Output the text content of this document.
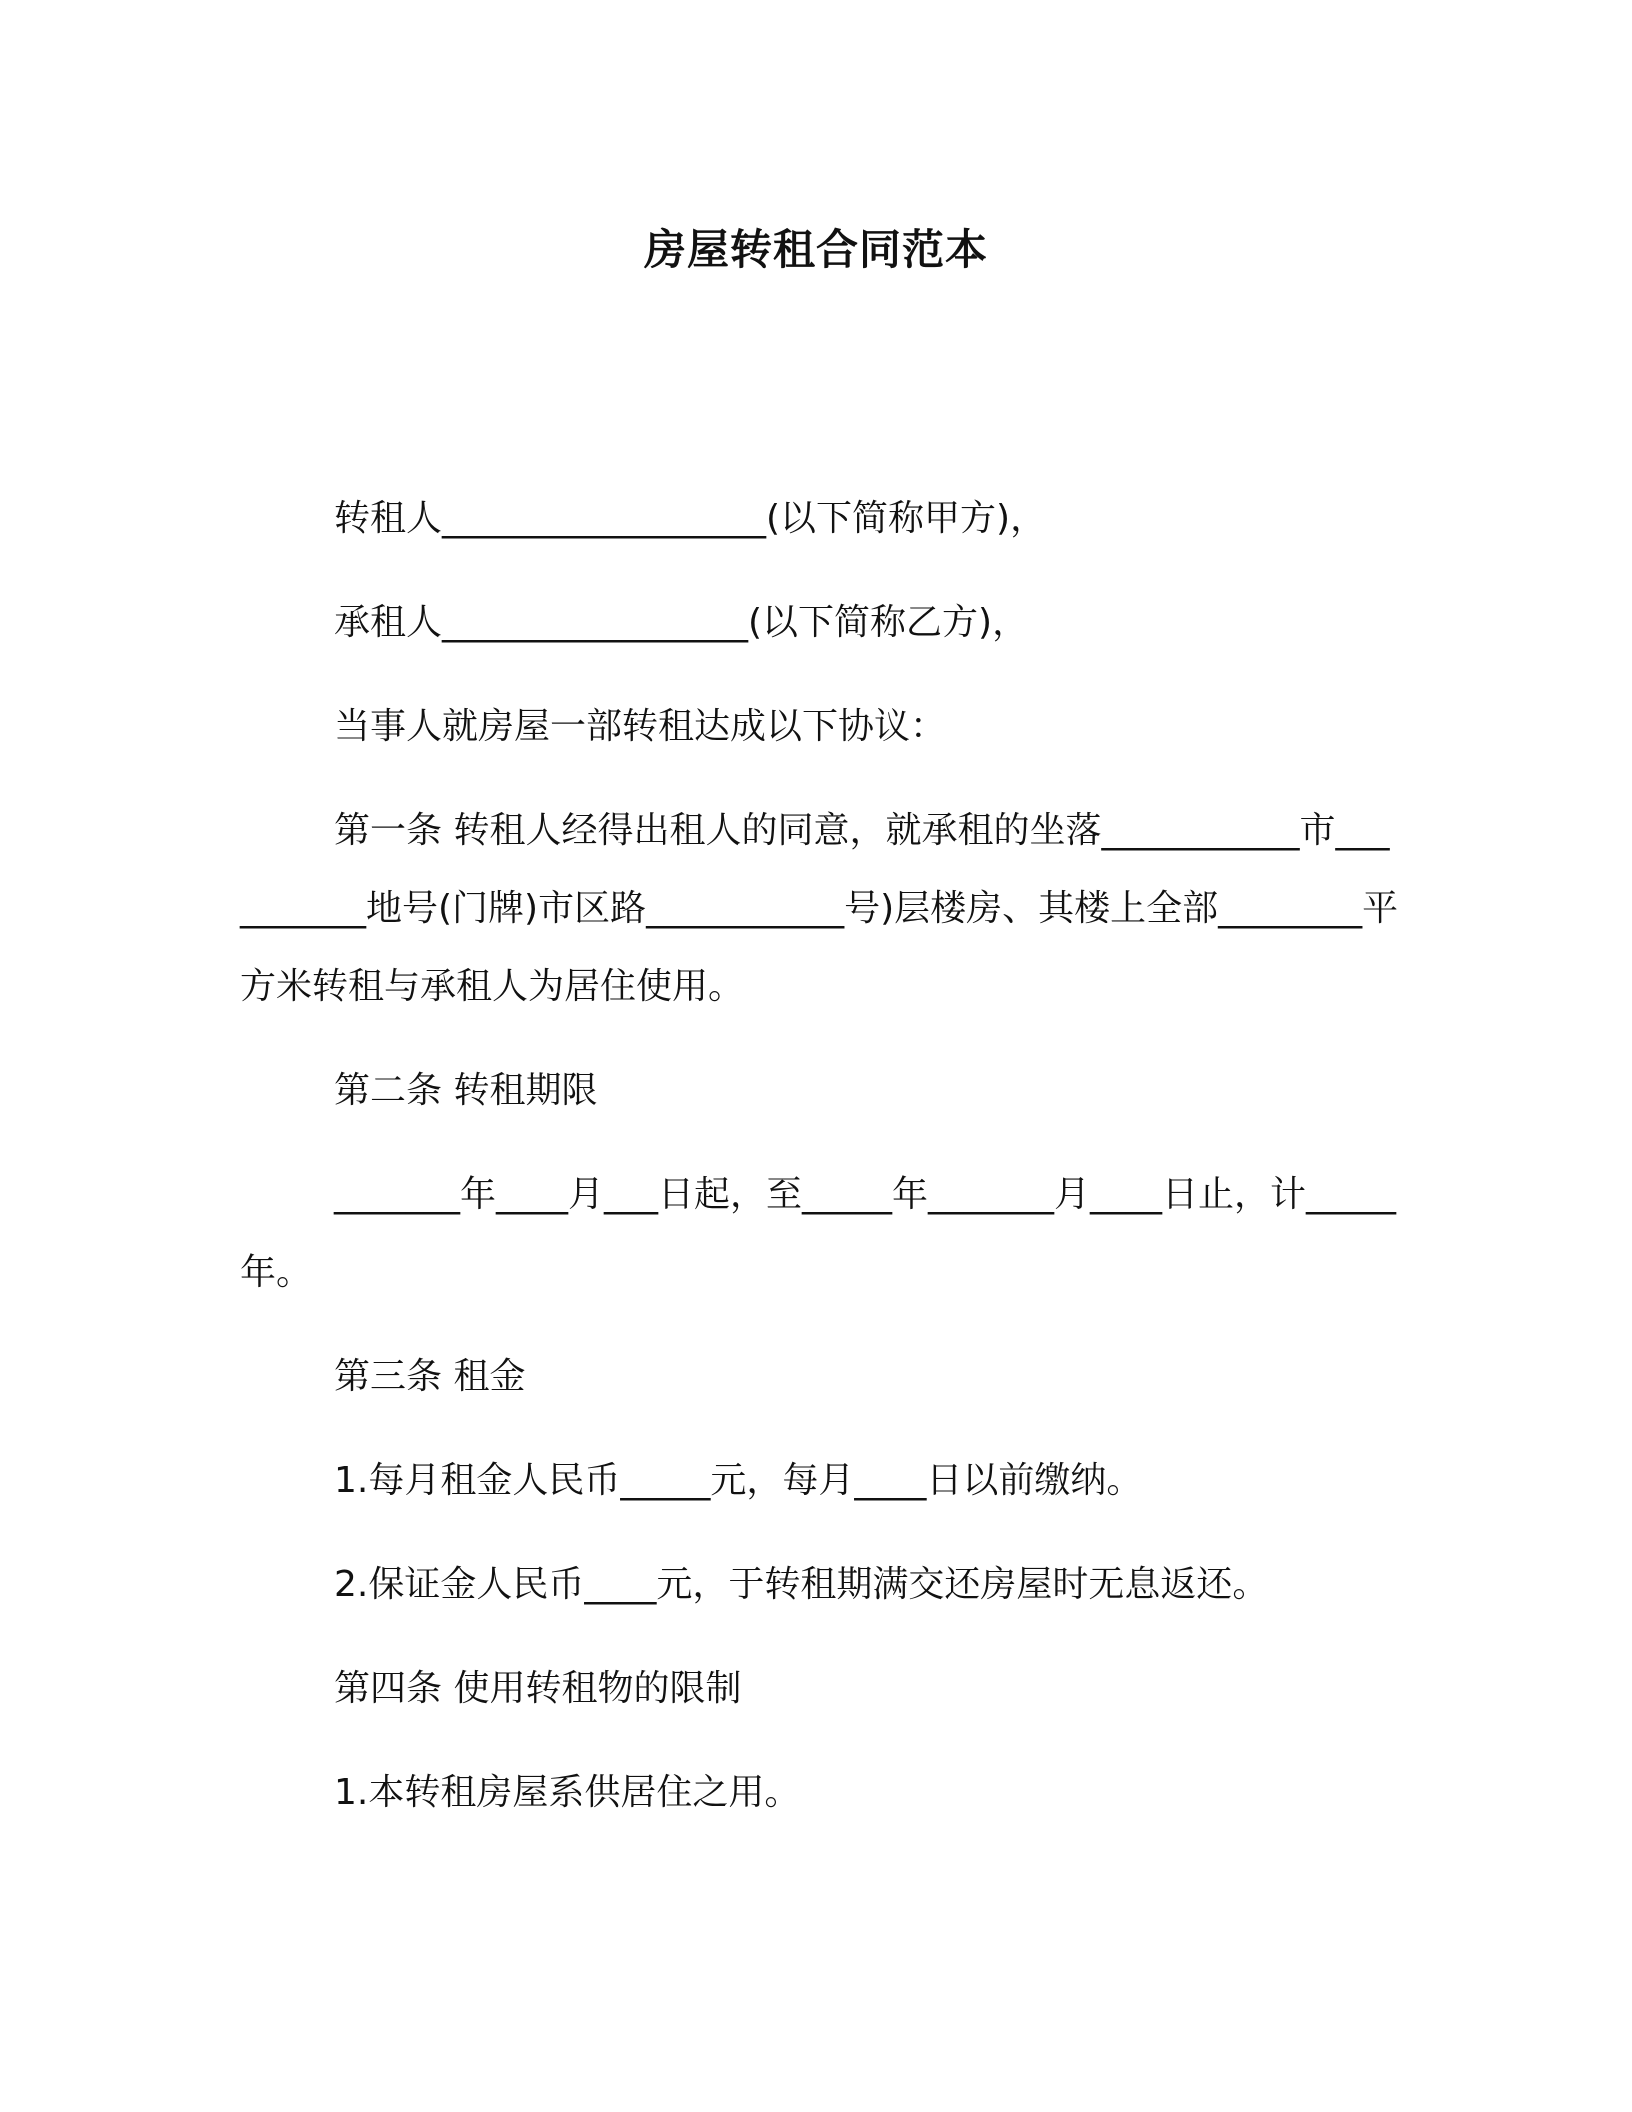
房屋转租合同范本

转租人__________________(以下简称甲方)，

承租人_________________(以下简称乙方)，

当事人就房屋一部转租达成以下协议：

第一条 转租人经得出租人的同意，就承租的坐落___________市__________地号(门牌)市区路___________号)层楼房、其楼上全部________平方米转租与承租人为居住使用。

第二条 转租期限

_______年____月___日起，至_____年_______月____日止，计_____年。

第三条 租金

1.每月租金人民币_____元，每月____日以前缴纳。

2.保证金人民币____元，于转租期满交还房屋时无息返还。

第四条 使用转租物的限制

1.本转租房屋系供居住之用。
